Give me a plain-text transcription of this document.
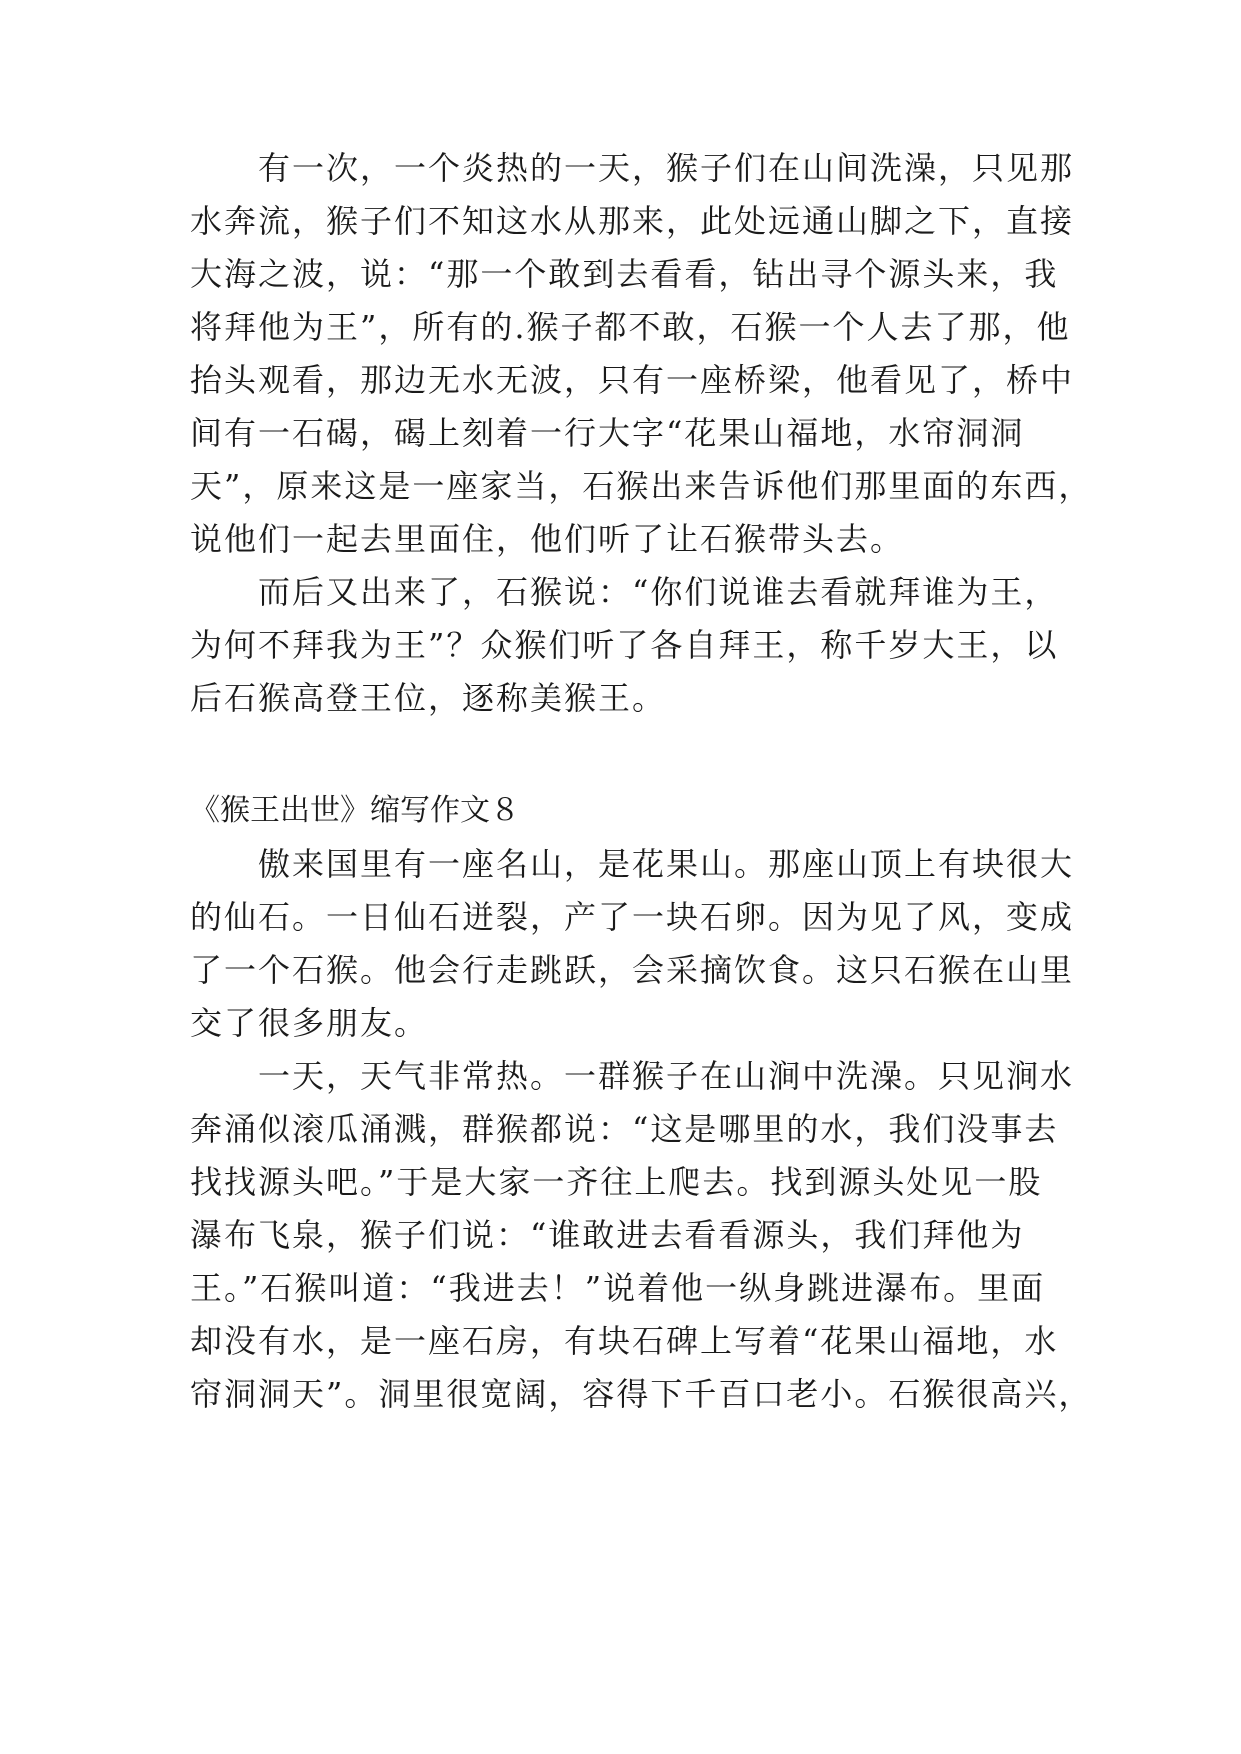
　　有一次，一个炎热的一天，猴子们在山间洗澡，只见那

水奔流，猴子们不知这水从那来，此处远通山脚之下，直接

大海之波，说：“那一个敢到去看看，钻出寻个源头来，我

将拜他为王”，所有的.猴子都不敢，石猴一个人去了那，他

抬头观看，那边无水无波，只有一座桥梁，他看见了，桥中

间有一石碣，碣上刻着一行大字“花果山福地，水帘洞洞

天”，原来这是一座家当，石猴出来告诉他们那里面的东西，

说他们一起去里面住，他们听了让石猴带头去。

　　而后又出来了，石猴说：“你们说谁去看就拜谁为王，

为何不拜我为王”？众猴们听了各自拜王，称千岁大王，以

后石猴高登王位，逐称美猴王。

《猴王出世》缩写作文８

　　傲来国里有一座名山，是花果山。那座山顶上有块很大

的仙石。一日仙石迸裂，产了一块石卵。因为见了风，变成

了一个石猴。他会行走跳跃，会采摘饮食。这只石猴在山里

交了很多朋友。

　　一天，天气非常热。一群猴子在山涧中洗澡。只见涧水

奔涌似滚瓜涌溅，群猴都说：“这是哪里的水，我们没事去

找找源头吧。”于是大家一齐往上爬去。找到源头处见一股

瀑布飞泉，猴子们说：“谁敢进去看看源头，我们拜他为

王。”石猴叫道：“我进去！”说着他一纵身跳进瀑布。里面

却没有水，是一座石房，有块石碑上写着“花果山福地，水

帘洞洞天”。洞里很宽阔，容得下千百口老小。石猴很高兴，
